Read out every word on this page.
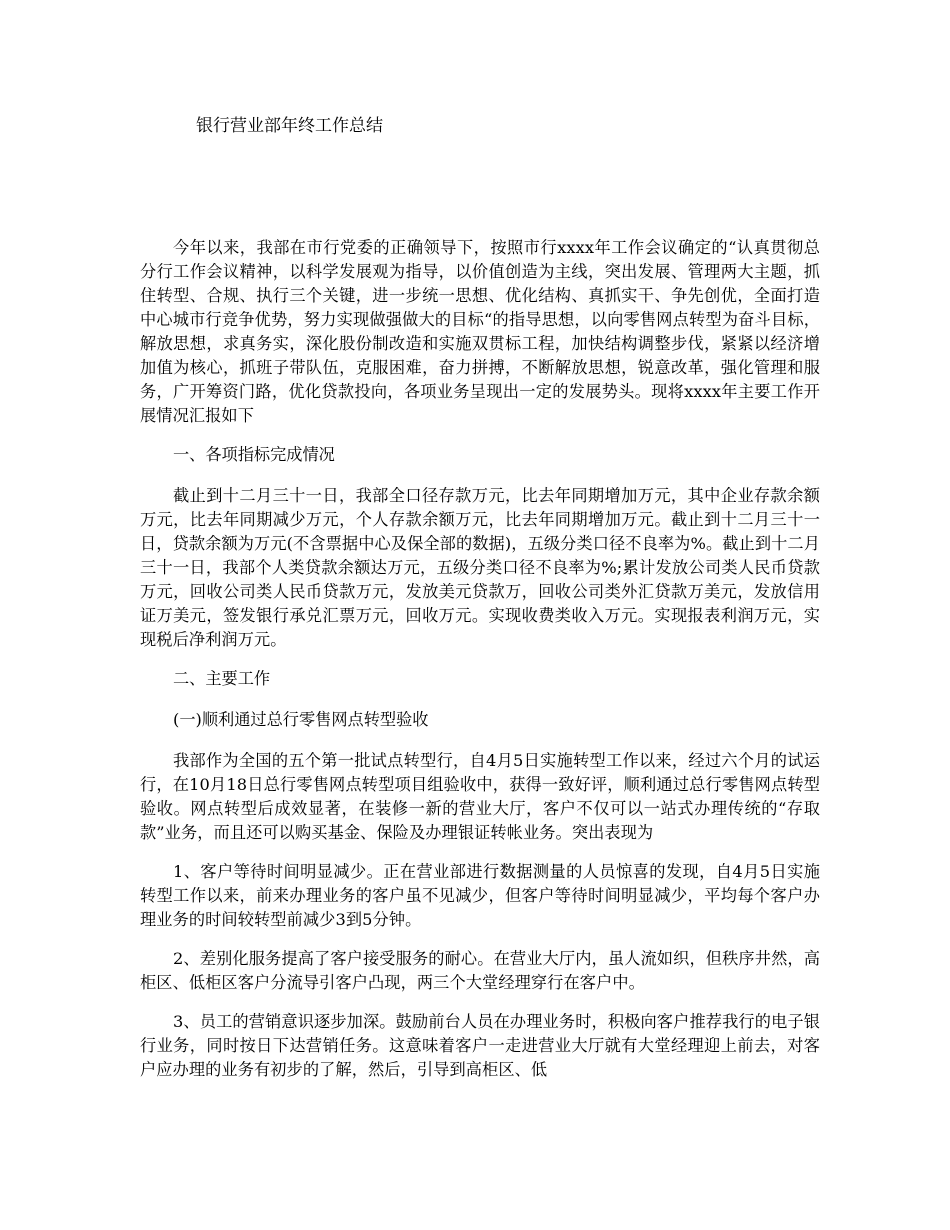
银行营业部年终工作总结

今年以来，我部在市行党委的正确领导下，按照市行xxxx年工作会议确定的“认真贯彻总分行工作会议精神，以科学发展观为指导，以价值创造为主线，突出发展、管理两大主题，抓住转型、合规、执行三个关键，进一步统一思想、优化结构、真抓实干、争先创优，全面打造中心城市行竞争优势，努力实现做强做大的目标“的指导思想，以向零售网点转型为奋斗目标，解放思想，求真务实，深化股份制改造和实施双贯标工程，加快结构调整步伐，紧紧以经济增加值为核心，抓班子带队伍，克服困难，奋力拼搏，不断解放思想，锐意改革，强化管理和服务，广开筹资门路，优化贷款投向，各项业务呈现出一定的发展势头。现将xxxx年主要工作开展情况汇报如下

一、各项指标完成情况

截止到十二月三十一日，我部全口径存款万元，比去年同期增加万元，其中企业存款余额万元，比去年同期减少万元，个人存款余额万元，比去年同期增加万元。截止到十二月三十一日，贷款余额为万元(不含票据中心及保全部的数据)，五级分类口径不良率为%。截止到十二月三十一日，我部个人类贷款余额达万元，五级分类口径不良率为%;累计发放公司类人民币贷款万元，回收公司类人民币贷款万元，发放美元贷款万，回收公司类外汇贷款万美元，发放信用证万美元，签发银行承兑汇票万元，回收万元。实现收费类收入万元。实现报表利润万元，实现税后净利润万元。

二、主要工作

(一)顺利通过总行零售网点转型验收

我部作为全国的五个第一批试点转型行，自4月5日实施转型工作以来，经过六个月的试运行，在10月18日总行零售网点转型项目组验收中，获得一致好评，顺利通过总行零售网点转型验收。网点转型后成效显著，在装修一新的营业大厅，客户不仅可以一站式办理传统的“存取款”业务，而且还可以购买基金、保险及办理银证转帐业务。突出表现为

1、客户等待时间明显减少。正在营业部进行数据测量的人员惊喜的发现，自4月5日实施转型工作以来，前来办理业务的客户虽不见减少，但客户等待时间明显减少，平均每个客户办理业务的时间较转型前减少3到5分钟。

2、差别化服务提高了客户接受服务的耐心。在营业大厅内，虽人流如织，但秩序井然，高柜区、低柜区客户分流导引客户凸现，两三个大堂经理穿行在客户中。

3、员工的营销意识逐步加深。鼓励前台人员在办理业务时，积极向客户推荐我行的电子银行业务，同时按日下达营销任务。这意味着客户一走进营业大厅就有大堂经理迎上前去，对客户应办理的业务有初步的了解，然后，引导到高柜区、低
